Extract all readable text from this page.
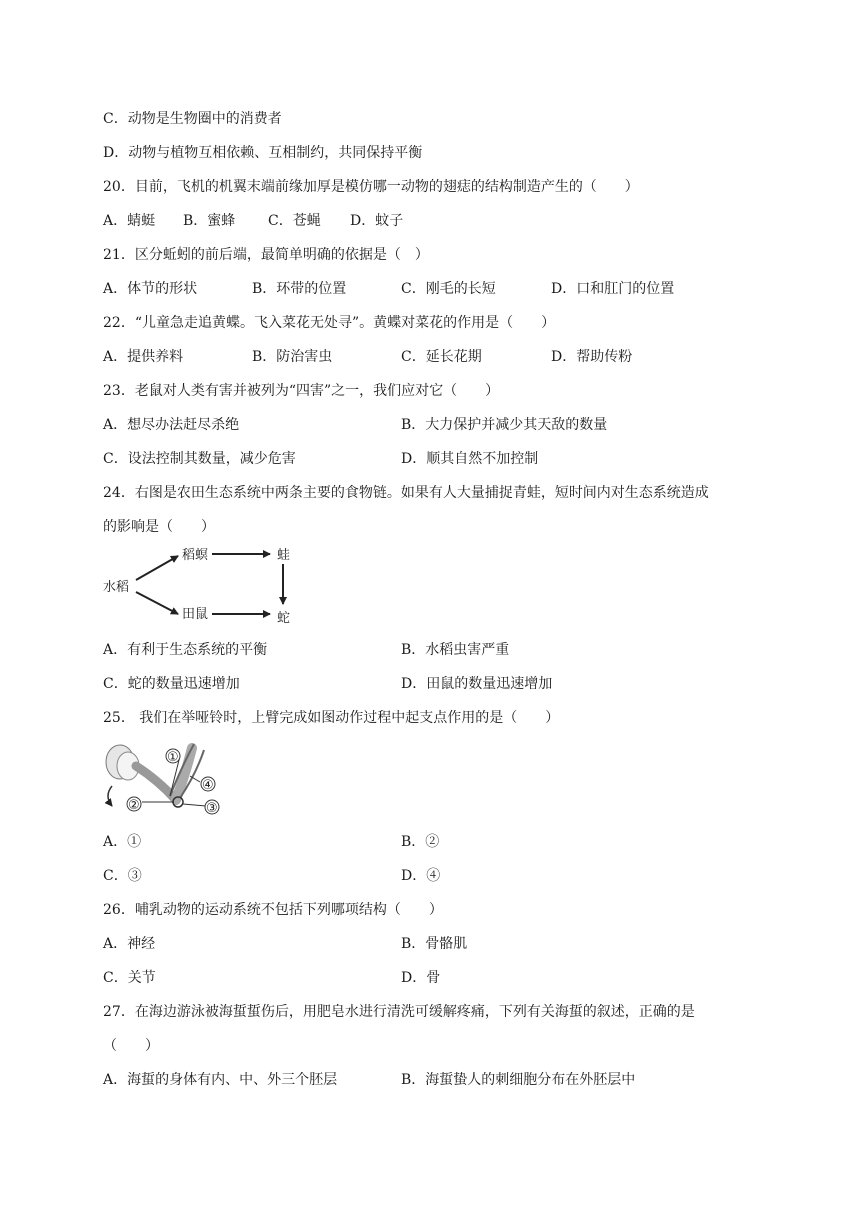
C．动物是生物圈中的消费者
D．动物与植物互相依赖、互相制约，共同保持平衡
20．目前，飞机的机翼末端前缘加厚是模仿哪一动物的翅痣的结构制造产生的（　　）
A．蜻蜓 B．蜜蜂 C．苍蝇 D．蚊子
21．区分蚯蚓的前后端，最简单明确的依据是（　）
A．体节的形状	B．环带的位置	C．刚毛的长短	D．口和肛门的位置
22．“儿童急走追黄蝶。飞入菜花无处寻”。黄蝶对菜花的作用是（　　）
A．提供养料	B．防治害虫	C．延长花期	D．帮助传粉
23．老鼠对人类有害并被列为“四害”之一，我们应对它（　　）
A．想尽办法赶尽杀绝	B．大力保护并减少其天敌的数量
C．设法控制其数量，减少危害	D．顺其自然不加控制
24．右图是农田生态系统中两条主要的食物链。如果有人大量捕捉青蛙，短时间内对生态系统造成
的影响是（　　）
水稻
稻螟	蛙
田鼠	蛇
A．有利于生态系统的平衡	B．水稻虫害严重
C．蛇的数量迅速增加	D．田鼠的数量迅速增加
25． 我们在举哑铃时，上臂完成如图动作过程中起支点作用的是（　　）
①
④
②	③
A．①	B．②
C．③	D．④
26．哺乳动物的运动系统不包括下列哪项结构（　　）
A．神经	B．骨骼肌
C．关节	D．骨
27．在海边游泳被海蜇蜇伤后，用肥皂水进行清洗可缓解疼痛，下列有关海蜇的叙述，正确的是
（　　）
A．海蜇的身体有内、中、外三个胚层	B．海蜇蛰人的刺细胞分布在外胚层中
